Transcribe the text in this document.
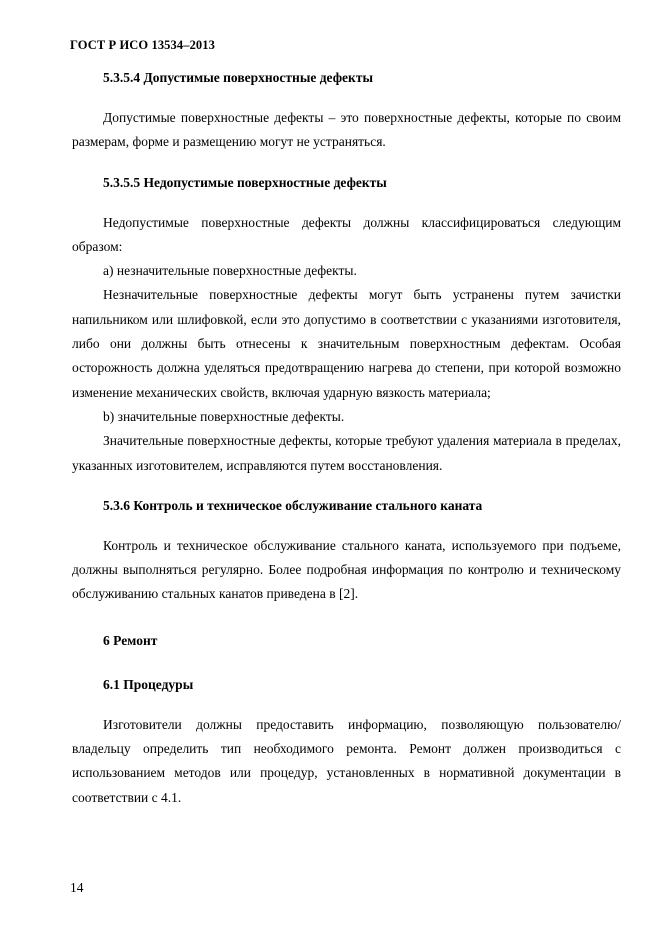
ГОСТ Р ИСО 13534–2013
5.3.5.4 Допустимые поверхностные дефекты

Допустимые поверхностные дефекты – это поверхностные дефекты, которые по своим размерам, форме и размещению могут не устраняться.

5.3.5.5 Недопустимые поверхностные дефекты

Недопустимые поверхностные дефекты должны классифицироваться следующим образом:

а) незначительные поверхностные дефекты.

Незначительные поверхностные дефекты могут быть устранены путем зачистки напильником или шлифовкой, если это допустимо в соответствии с указаниями изготовителя, либо они должны быть отнесены к значительным поверхностным дефектам. Особая осторожность должна уделяться предотвращению нагрева до степени, при которой возможно изменение механических свойств, включая ударную вязкость материала;

b) значительные поверхностные дефекты.

Значительные поверхностные дефекты, которые требуют удаления материала в пределах, указанных изготовителем, исправляются путем восстановления.

5.3.6 Контроль и техническое обслуживание стального каната

Контроль и техническое обслуживание стального каната, используемого при подъеме, должны выполняться регулярно. Более подробная информация по контролю и техническому обслуживанию стальных канатов приведена в [2].

6 Ремонт
6.1 Процедуры

Изготовители должны предоставить информацию, позволяющую пользователю/владельцу определить тип необходимого ремонта. Ремонт должен производиться с использованием методов или процедур, установленных в нормативной документации в соответствии с 4.1.

14
